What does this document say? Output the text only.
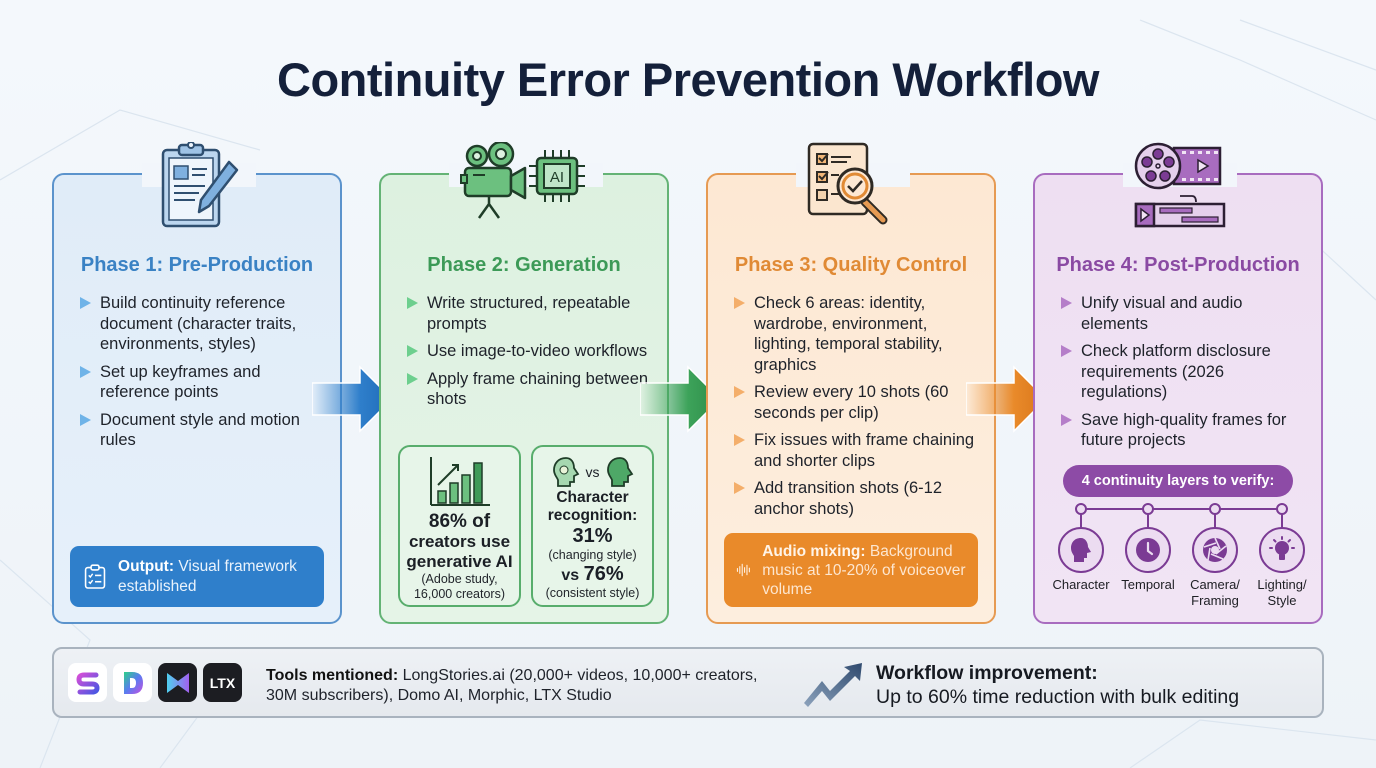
Continuity Error Prevention Workflow
Phase 1: Pre-Production
Build continuity reference document (character traits, environments, styles)
Set up keyframes and reference points
Document style and motion rules
Output: Visual framework established
AI
Phase 2: Generation
Write structured, repeatable prompts
Use image-to-video workflows
Apply frame chaining between shots
86% of
creators use
generative AI
(Adobe study,
16,000 creators)
vs
Character
recognition:
31%
(changing style)
vs 76%
(consistent style)
Phase 3: Quality Control
Check 6 areas: identity, wardrobe, environment, lighting, temporal stability, graphics
Review every 10 shots (60 seconds per clip)
Fix issues with frame chaining and shorter clips
Add transition shots (6-12 anchor shots)
Audio mixing: Background music at 10-20% of voiceover volume
Phase 4: Post-Production
Unify visual and audio elements
Check platform disclosure requirements (2026 regulations)
Save high-quality frames for future projects
4 continuity layers to verify:
Character Temporal	Camera/
Framing
Lighting/
Style
LTX	Tools mentioned: LongStories.ai (20,000+ videos, 10,000+ creators,
30M subscribers), Domo AI, Morphic, LTX Studio
Workflow improvement:
Up to 60% time reduction with bulk editing
